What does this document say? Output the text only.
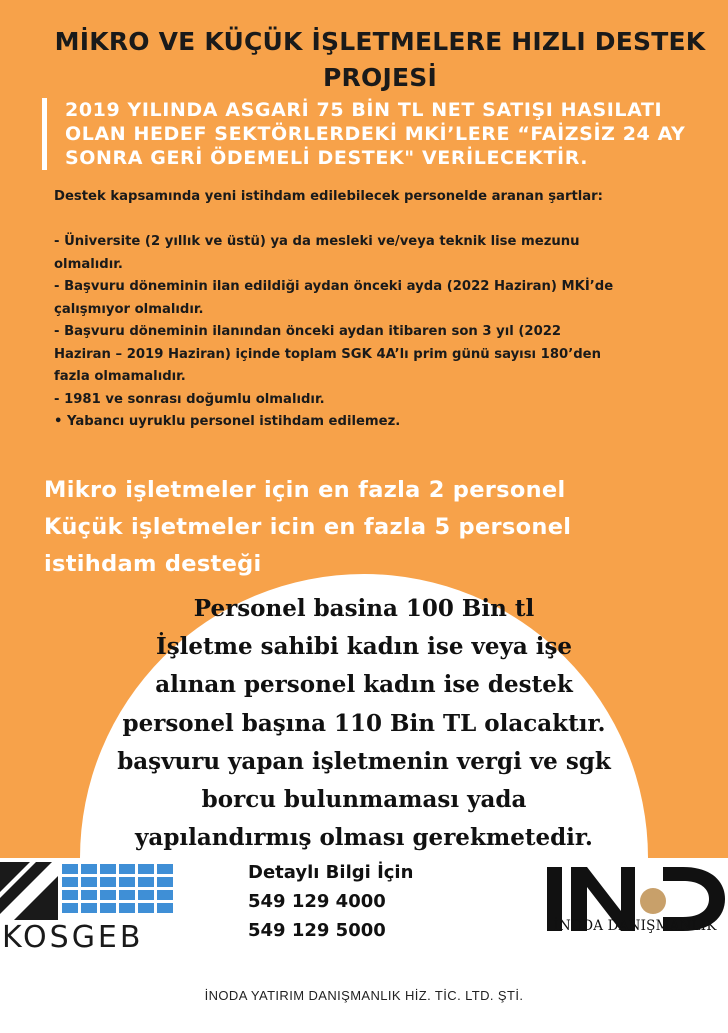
MİKRO VE KÜÇÜK İŞLETMELERE HIZLI DESTEK
PROJESİ
2019 YILINDA ASGARİ 75 BİN TL NET SATIŞI HASILATI
OLAN HEDEF SEKTÖRLERDEKİ MKİ’LERE “FAİZSİZ 24 AY
SONRA GERİ ÖDEMELİ DESTEK" VERİLECEKTİR.
Destek kapsamında yeni istihdam edilebilecek personelde aranan şartlar:
- Üniversite (2 yıllık ve üstü) ya da mesleki ve/veya teknik lise mezunu
olmalıdır.
- Başvuru döneminin ilan edildiği aydan önceki ayda (2022 Haziran) MKİ’de
çalışmıyor olmalıdır.
- Başvuru döneminin ilanından önceki aydan itibaren son 3 yıl (2022
Haziran – 2019 Haziran) içinde toplam SGK 4A’lı prim günü sayısı 180’den
fazla olmamalıdır.
- 1981 ve sonrası doğumlu olmalıdır.
• Yabancı uyruklu personel istihdam edilemez.
Mikro işletmeler için en fazla 2 personel
Küçük işletmeler icin en fazla 5 personel
istihdam desteği
Personel basina 100 Bin tl
İşletme sahibi kadın ise veya işe
alınan personel kadın ise destek
personel başına 110 Bin TL olacaktır.
başvuru yapan işletmenin vergi ve sgk
borcu bulunmaması yada
yapılandırmış olması gerekmetedir.
KOSGEB
Detaylı Bilgi İçin
549 129 4000
549 129 5000	İNODA DANIŞMANLIK
İNODA YATIRIM DANIŞMANLIK HİZ. TİC. LTD. ŞTİ.
